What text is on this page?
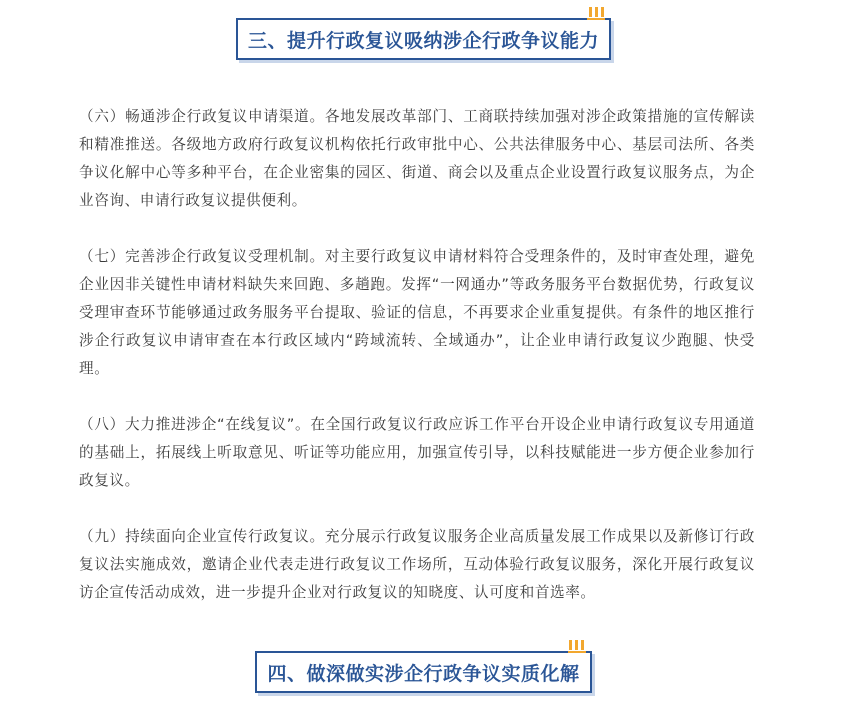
三、提升行政复议吸纳涉企行政争议能力

（六）畅通涉企行政复议申请渠道。各地发展改革部门、工商联持续加强对涉企政策措施的宣传解读和精准推送。各级地方政府行政复议机构依托行政审批中心、公共法律服务中心、基层司法所、各类争议化解中心等多种平台，在企业密集的园区、街道、商会以及重点企业设置行政复议服务点，为企业咨询、申请行政复议提供便利。

（七）完善涉企行政复议受理机制。对主要行政复议申请材料符合受理条件的，及时审查处理，避免企业因非关键性申请材料缺失来回跑、多趟跑。发挥“一网通办”等政务服务平台数据优势，行政复议受理审查环节能够通过政务服务平台提取、验证的信息，不再要求企业重复提供。有条件的地区推行涉企行政复议申请审查在本行政区域内“跨域流转、全域通办”，让企业申请行政复议少跑腿、快受理。

（八）大力推进涉企“在线复议”。在全国行政复议行政应诉工作平台开设企业申请行政复议专用通道的基础上，拓展线上听取意见、听证等功能应用，加强宣传引导，以科技赋能进一步方便企业参加行政复议。

（九）持续面向企业宣传行政复议。充分展示行政复议服务企业高质量发展工作成果以及新修订行政复议法实施成效，邀请企业代表走进行政复议工作场所，互动体验行政复议服务，深化开展行政复议访企宣传活动成效，进一步提升企业对行政复议的知晓度、认可度和首选率。

四、做深做实涉企行政争议实质化解
